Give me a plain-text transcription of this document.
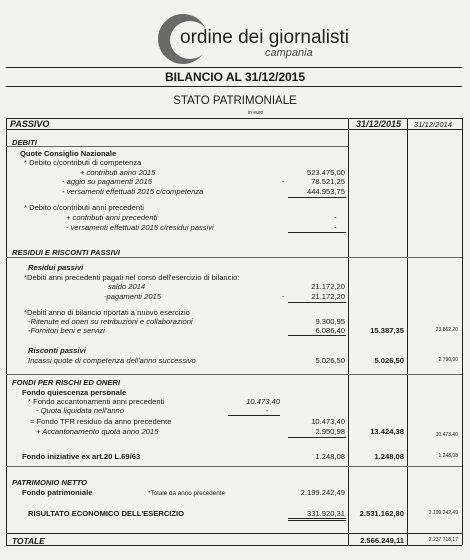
ordine dei giornalisti
campania
BILANCIO AL 31/12/2015
STATO PATRIMONIALE
in euro
PASSIVO	31/12/2015 31/12/2014
DEBITI
Quote Consiglio Nazionale
* Debito c/contributi di competenza
+ contributi anno 2015	523.475,00
- aggio su pagamenti 2015	-	78.521,25
- versamenti effettuati 2015 c/competenza	444.953,75
* Debito c/contributi anni precedenti
+ contributi anni precedenti	-
- versamenti effettuati 2015 c/residui passivi	-
RESIDUI E RISCONTI PASSIVI
Residui passivi
*Debiti anni precedenti pagati nel corso dell'esercizio di bilancio:
saldo 2014	21.172,20
-pagamenti 2015	-	21.172,20
*Debiti anno di bilancio riportati a nuovo esercizio
-Ritenute ed oneri su retribuzioni e collaborazioni	9.300,95
-Fornitori beni e servizi	6.086,40	15.387,35	23.862,20
Risconti passivi
Incassi quote di competenza dell'anno successivo	5.026,50	5.026,50	2.790,00
FONDI PER RISCHI ED ONERI
Fondo quiescenza personale
* Fondo accantonamenti anni precedenti	10.473,40
- Quota liquidata nell'anno	-
= Fondo TFR residuo da anno precedente	10.473,40
+ Accantonamento quota anno 2015	2.950,98	13.424,38	10.473,40
Fondo iniziative ex art.20 L.69/63	1.248,08	1.248,08	1.248,08
PATRIMONIO NETTO
Fondo patrimoniale	*Totale da anno precedente	2.199.242,49
RISULTATO ECONOMICO DELL'ESERCIZIO	331.920,31	2.531.162,80	2.199.242,49
TOTALE	2.566.249,11	2.237.718,17
